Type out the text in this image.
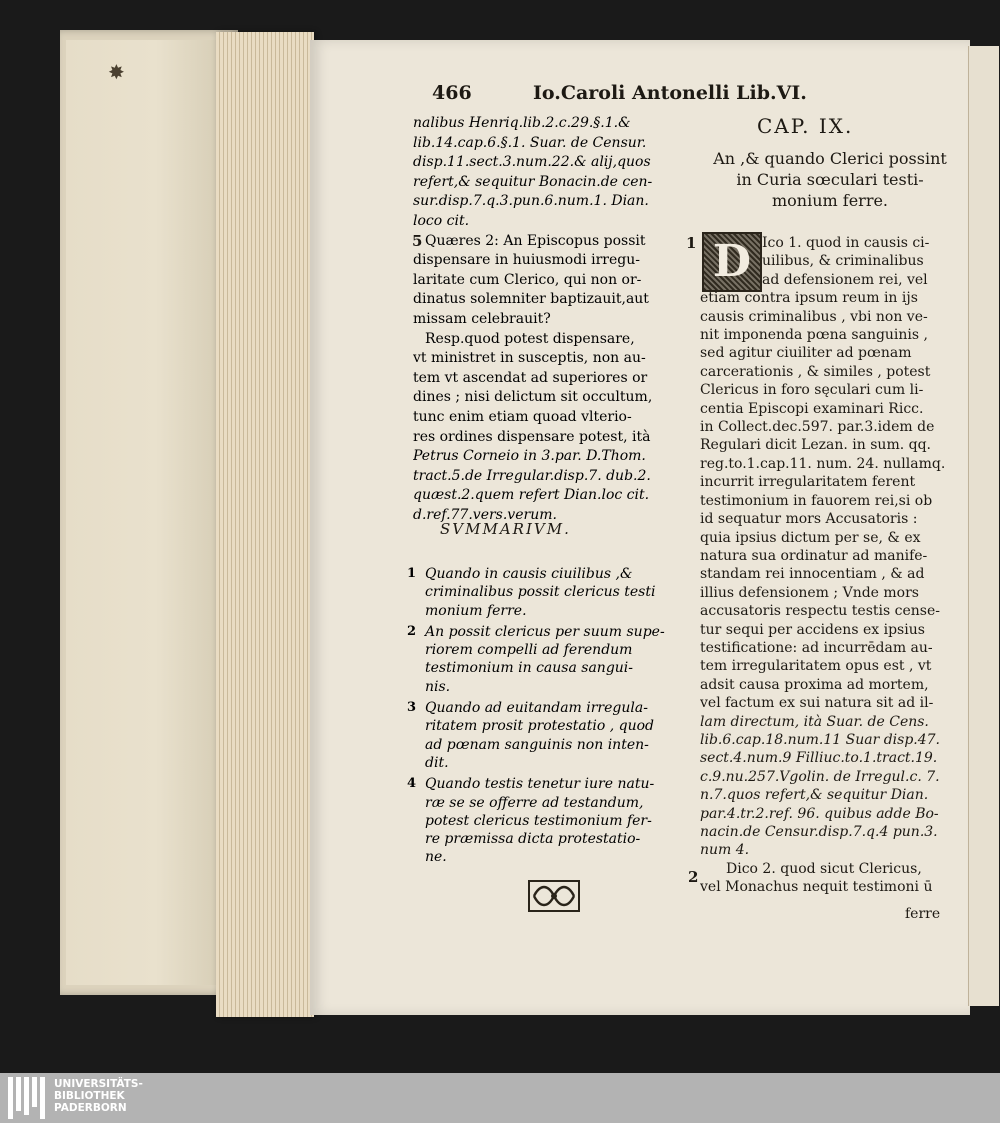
✸
466	Io.Caroli Antonelli Lib.VI.
nalibus Henriq.lib.2.c.29.§.1.&
lib.14.cap.6.§.1. Suar. de Censur.
disp.11.sect.3.num.22.& alij,quos
refert,& sequitur Bonacin.de cen-
sur.disp.7.q.3.pun.6.num.1. Dian.
loco cit.
Quæres 2: An Episcopus possit
dispensare in huiusmodi irregu-
laritate cum Clerico, qui non or-
dinatus solemniter baptizauit,aut
missam celebrauit?
Resp.quod potest dispensare,
vt ministret in susceptis, non au-
tem vt ascendat ad superiores or
dines ; nisi delictum sit occultum,
tunc enim etiam quoad vlterio-
res ordines dispensare potest, ità
Petrus Corneio in 3.par. D.Thom.
tract.5.de Irregular.disp.7. dub.2.
quæst.2.quem refert Dian.loc cit.
d.ref.77.vers.verum.
5
SVMMARIVM.
1 Quando in causis ciuilibus ,&
criminalibus possit clericus testi
monium ferre.
2 An possit clericus per suum supe-
riorem compelli ad ferendum
testimonium in causa sangui-
nis.
3 Quando ad euitandam irregula-
ritatem prosit protestatio , quod
ad pœnam sanguinis non inten-
dit.
4 Quando testis tenetur iure natu-
ræ se se offerre ad testandum,
potest clericus testimonium fer-
re præmissa dicta protestatio-
ne.
CAP. IX.
An ,& quando Clerici possint
in Curia sœculari testi-
monium ferre.
D
1
2
Ico 1. quod in causis ci-
uilibus, & criminalibus
ad defensionem rei, vel
etiam contra ipsum reum in ijs
causis criminalibus , vbi non ve-
nit imponenda pœna sanguinis ,
sed agitur ciuiliter ad pœnam
carcerationis , & similes , potest
Clericus in foro sęculari cum li-
centia Episcopi examinari Ricc.
in Collect.dec.597. par.3.idem de
Regulari dicit Lezan. in sum. qq.
reg.to.1.cap.11. num. 24. nullamq.
incurrit irregularitatem ferent
testimonium in fauorem rei,si ob
id sequatur mors Accusatoris :
quia ipsius dictum per se, & ex
natura sua ordinatur ad manife-
standam rei innocentiam , & ad
illius defensionem ; Vnde mors
accusatoris respectu testis cense-
tur sequi per accidens ex ipsius
testificatione: ad incurrēdam au-
tem irregularitatem opus est , vt
adsit causa proxima ad mortem,
vel factum ex sui natura sit ad il-
lam directum, ità Suar. de Cens.
lib.6.cap.18.num.11 Suar disp.47.
sect.4.num.9 Filliuc.to.1.tract.19.
c.9.nu.257.Vgolin. de Irregul.c. 7.
n.7.quos refert,& sequitur Dian.
par.4.tr.2.ref. 96. quibus adde Bo-
nacin.de Censur.disp.7.q.4 pun.3.
num 4.
Dico 2. quod sicut Clericus,
vel Monachus nequit testimoni ū
ferre
UNIVERSITÄTS-
BIBLIOTHEK
PADERBORN
